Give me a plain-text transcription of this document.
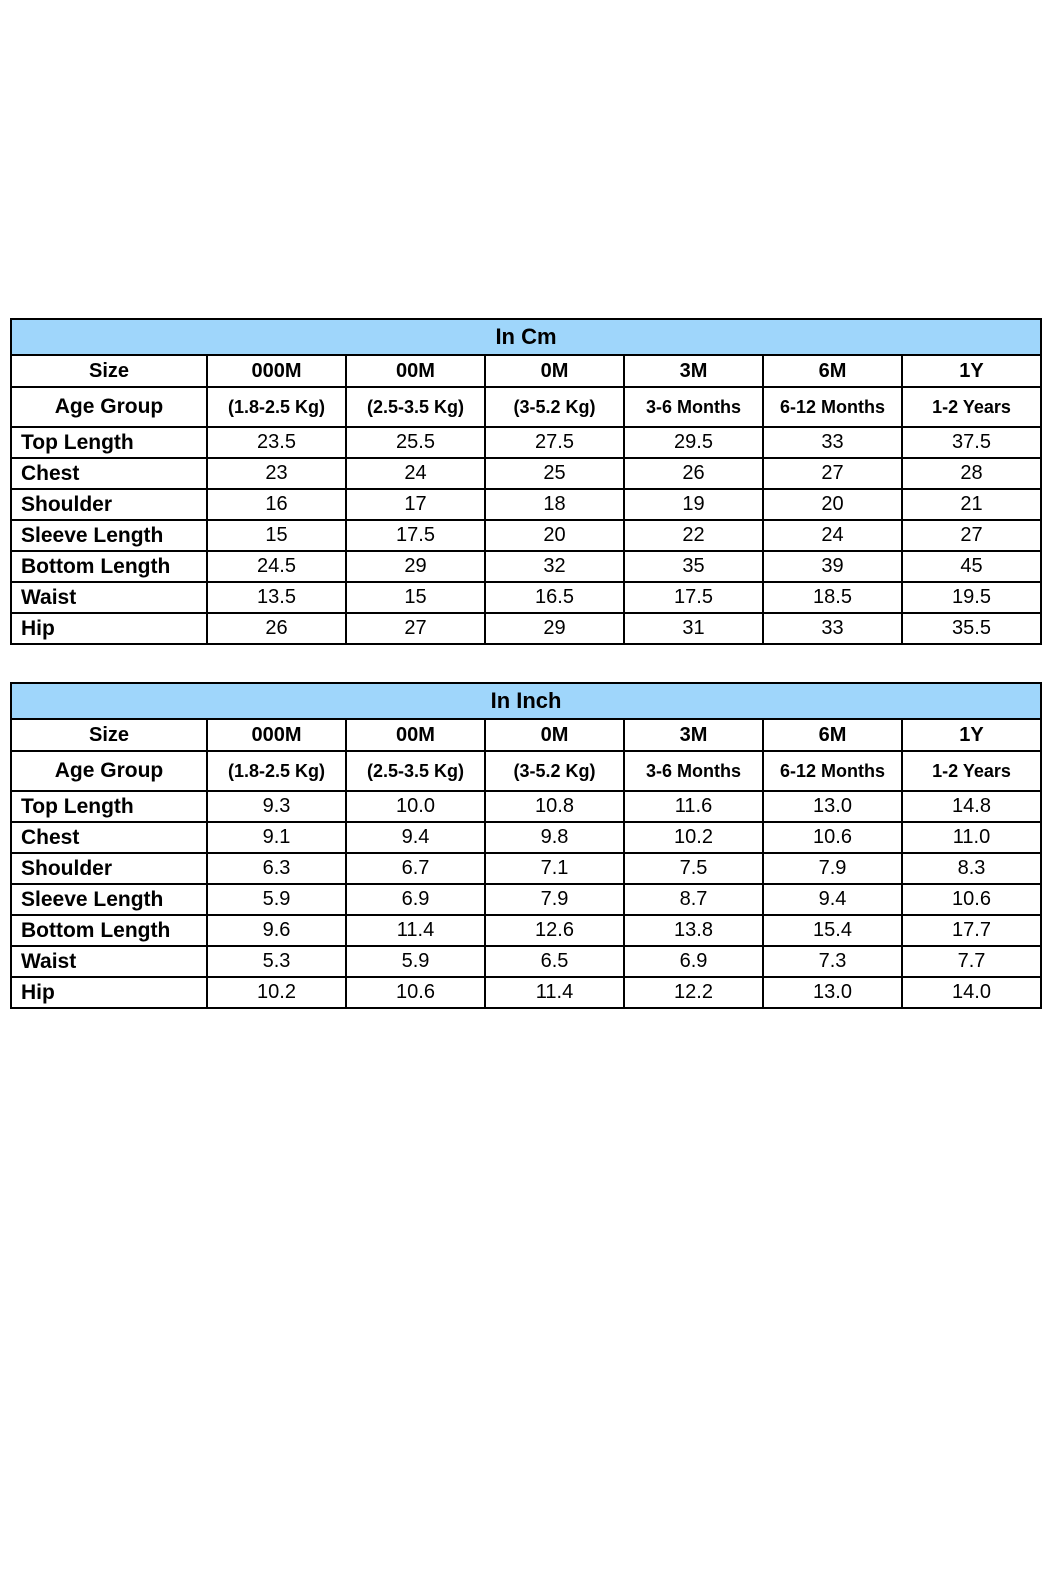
In Cm						
Size	000M	00M	0M	3M	6M	1Y
Age Group	(1.8-2.5 Kg)	(2.5-3.5 Kg)	(3-5.2 Kg)	3-6 Months	6-12 Months	1-2 Years
Top Length	23.5	25.5	27.5	29.5	33	37.5
Chest	23	24	25	26	27	28
Shoulder	16	17	18	19	20	21
Sleeve Length	15	17.5	20	22	24	27
Bottom Length	24.5	29	32	35	39	45
Waist	13.5	15	16.5	17.5	18.5	19.5
Hip	26	27	29	31	33	35.5
In Inch						
Size	000M	00M	0M	3M	6M	1Y
Age Group	(1.8-2.5 Kg)	(2.5-3.5 Kg)	(3-5.2 Kg)	3-6 Months	6-12 Months	1-2 Years
Top Length	9.3	10.0	10.8	11.6	13.0	14.8
Chest	9.1	9.4	9.8	10.2	10.6	11.0
Shoulder	6.3	6.7	7.1	7.5	7.9	8.3
Sleeve Length	5.9	6.9	7.9	8.7	9.4	10.6
Bottom Length	9.6	11.4	12.6	13.8	15.4	17.7
Waist	5.3	5.9	6.5	6.9	7.3	7.7
Hip	10.2	10.6	11.4	12.2	13.0	14.0
